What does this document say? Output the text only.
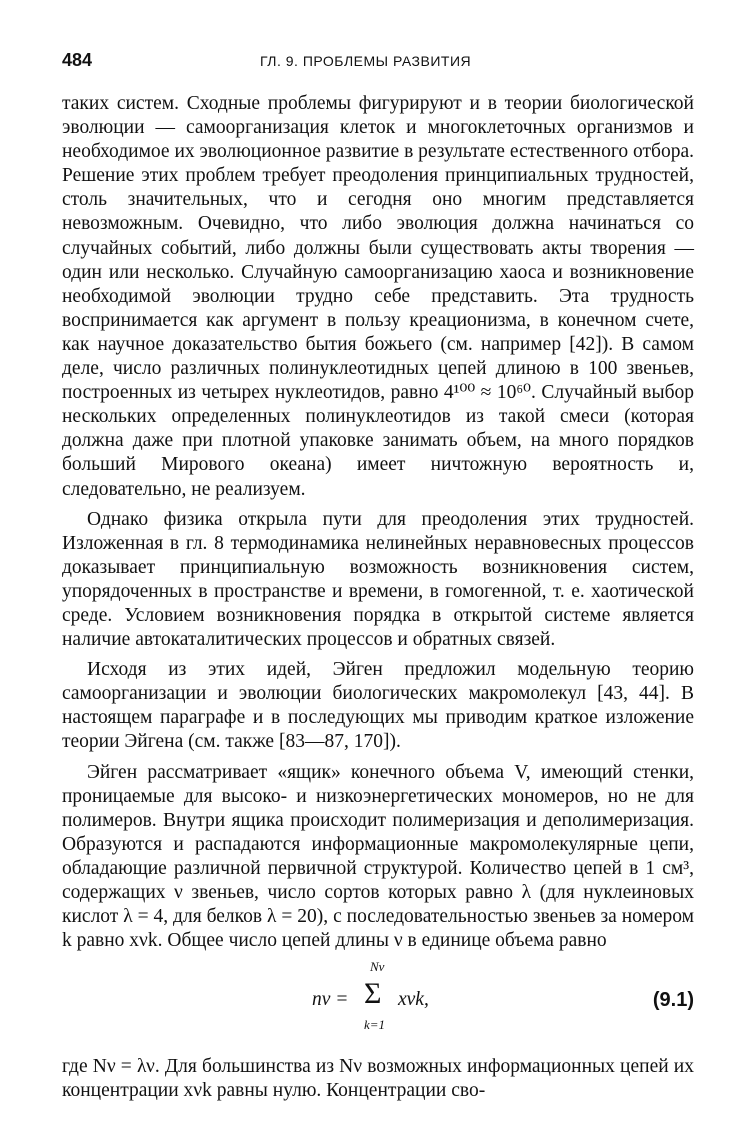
484	ГЛ. 9. ПРОБЛЕМЫ РАЗВИТИЯ

таких систем. Сходные проблемы фигурируют и в теории биологической эволюции — самоорганизация клеток и многоклеточных организмов и необходимое их эволюционное развитие в результате естественного отбора. Решение этих проблем требует преодоления принципиальных трудностей, столь значительных, что и сегодня оно многим представляется невозможным. Очевидно, что либо эволюция должна начинаться со случайных событий, либо должны были существовать акты творения — один или несколько. Случайную самоорганизацию хаоса и возникновение необходимой эволюции трудно себе представить. Эта трудность воспринимается как аргумент в пользу креационизма, в конечном счете, как научное доказательство бытия божьего (см. например [42]). В самом деле, число различных полинуклеотидных цепей длиною в 100 звеньев, построенных из четырех нуклеотидов, равно 4¹⁰⁰ ≈ 10⁶⁰. Случайный выбор нескольких определенных полинуклеотидов из такой смеси (которая должна даже при плотной упаковке занимать объем, на много порядков больший Мирового океана) имеет ничтожную вероятность и, следовательно, не реализуем.

Однако физика открыла пути для преодоления этих трудностей. Изложенная в гл. 8 термодинамика нелинейных неравновесных процессов доказывает принципиальную возможность возникновения систем, упорядоченных в пространстве и времени, в гомогенной, т. е. хаотической среде. Условием возникновения порядка в открытой системе является наличие автокаталитических процессов и обратных связей.

Исходя из этих идей, Эйген предложил модельную теорию самоорганизации и эволюции биологических макромолекул [43, 44]. В настоящем параграфе и в последующих мы приводим краткое изложение теории Эйгена (см. также [83—87, 170]).

Эйген рассматривает «ящик» конечного объема V, имеющий стенки, проницаемые для высоко- и низкоэнергетических мономеров, но не для полимеров. Внутри ящика происходит полимеризация и деполимеризация. Образуются и распадаются информационные макромолекулярные цепи, обладающие различной первичной структурой. Количество цепей в 1 см³, содержащих ν звеньев, число сортов которых равно λ (для нуклеиновых кислот λ = 4, для белков λ = 20), с последовательностью звеньев за номером k равно xνk. Общее число цепей длины ν в единице объема равно

nν =
Nν
Σ
k=1
xνk,	(9.1)

где Nν = λν. Для большинства из Nν возможных информационных цепей их концентрации xνk равны нулю. Концентрации сво-
